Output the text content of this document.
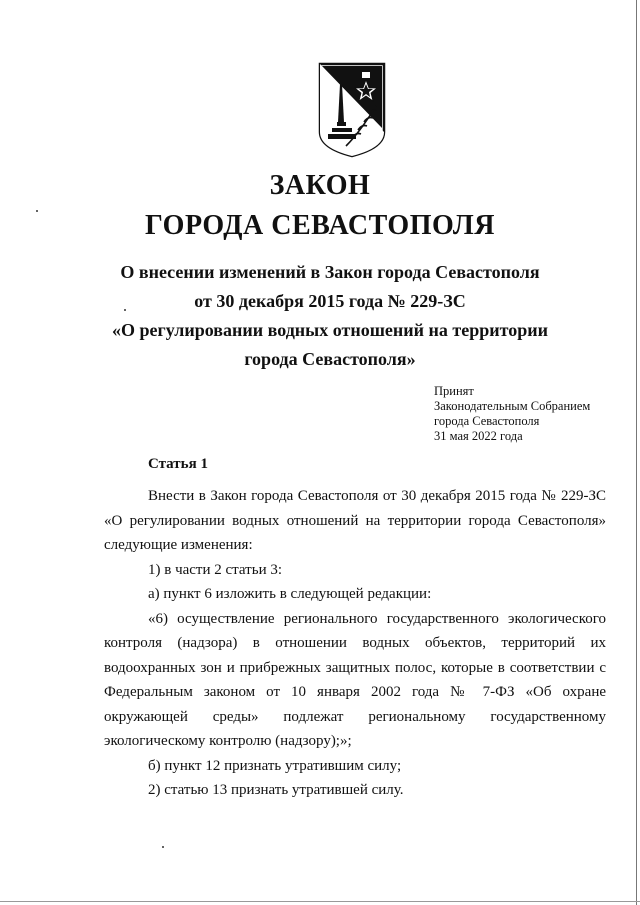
ЗАКОН
ГОРОДА СЕВАСТОПОЛЯ
О внесении изменений в Закон города Севастополя
от 30 декабря 2015 года № 229-ЗС
«О регулировании водных отношений на территории
города Севастополя»
Принят
Законодательным Собранием
города Севастополя
31 мая 2022 года
Статья 1

Внести в Закон города Севастополя от 30 декабря 2015 года № 229-ЗС «О регулировании водных отношений на территории города Севастополя» следующие изменения:

1) в части 2 статьи 3:

а) пункт 6 изложить в следующей редакции:

«6) осуществление регионального государственного экологического контроля (надзора) в отношении водных объектов, территорий их водоохранных зон и прибрежных защитных полос, которые в соответствии с Федеральным законом от 10 января 2002 года № 7-ФЗ «Об охране окружающей среды» подлежат региональному государственному экологическому контролю (надзору);»;

б) пункт 12 признать утратившим силу;

2) статью 13 признать утратившей силу.
